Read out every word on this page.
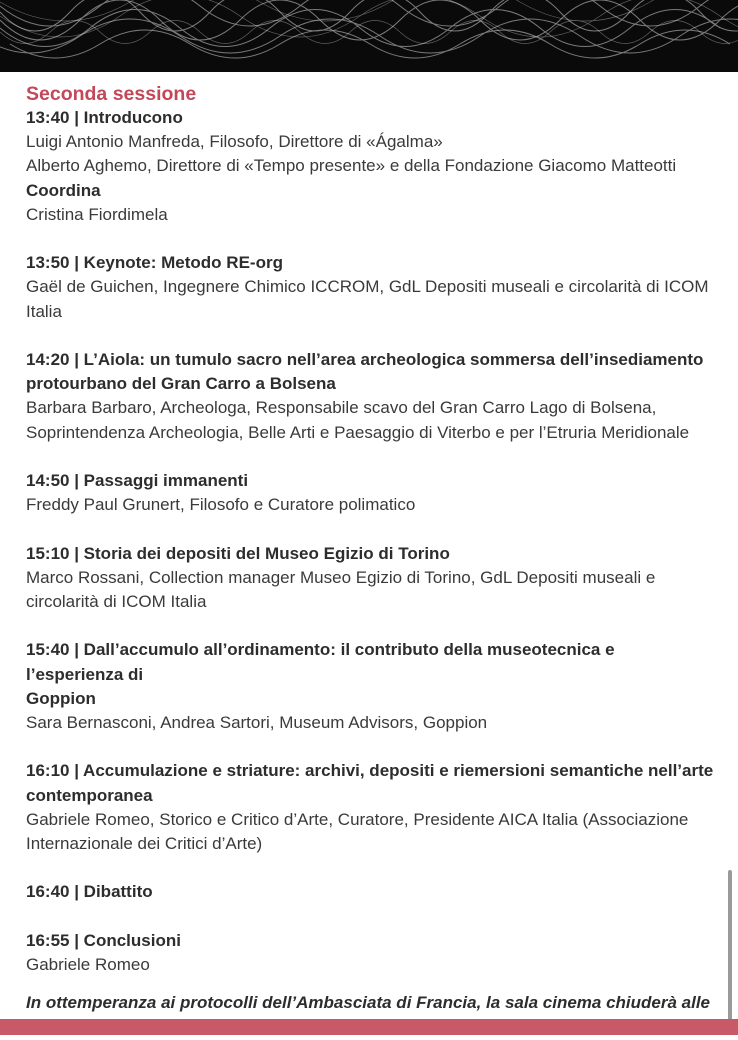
Seconda sessione

13:40 | Introducono

Luigi Antonio Manfreda, Filosofo, Direttore di «Ágalma»

Alberto Aghemo, Direttore di «Tempo presente» e della Fondazione Giacomo Matteotti

Coordina

Cristina Fiordimela

13:50 | Keynote: Metodo RE-org

Gaël de Guichen, Ingegnere Chimico ICCROM, GdL Depositi museali e circolarità di ICOM

Italia

14:20 | L’Aiola: un tumulo sacro nell’area archeologica sommersa dell’insediamento

protourbano del Gran Carro a Bolsena

Barbara Barbaro, Archeologa, Responsabile scavo del Gran Carro Lago di Bolsena,

Soprintendenza Archeologia, Belle Arti e Paesaggio di Viterbo e per l’Etruria Meridionale

14:50 | Passaggi immanenti

Freddy Paul Grunert, Filosofo e Curatore polimatico

15:10 | Storia dei depositi del Museo Egizio di Torino

Marco Rossani, Collection manager Museo Egizio di Torino, GdL Depositi museali e

circolarità di ICOM Italia

15:40 | Dall’accumulo all’ordinamento: il contributo della museotecnica e l’esperienza di

Goppion

Sara Bernasconi, Andrea Sartori, Museum Advisors, Goppion

16:10 | Accumulazione e striature: archivi, depositi e riemersioni semantiche nell’arte

contemporanea

Gabriele Romeo, Storico e Critico d’Arte, Curatore, Presidente AICA Italia (Associazione

Internazionale dei Critici d’Arte)

16:40 | Dibattito

16:55 | Conclusioni

Gabriele Romeo

In ottemperanza ai protocolli dell’Ambasciata di Francia, la sala cinema chiuderà alle
